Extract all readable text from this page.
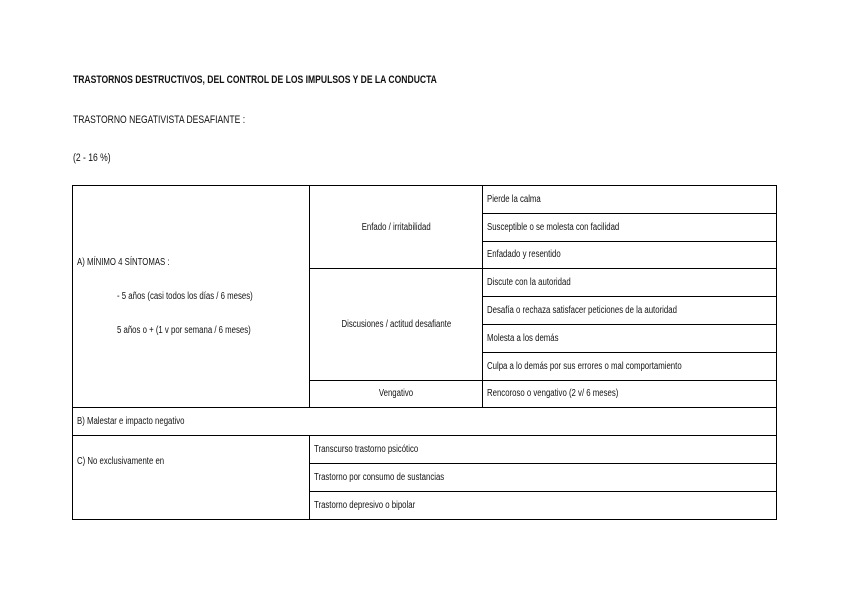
TRASTORNOS DESTRUCTIVOS, DEL CONTROL DE LOS IMPULSOS Y DE LA CONDUCTA
TRASTORNO NEGATIVISTA DESAFIANTE :
(2 - 16 %)
A) MÍNIMO 4 SÍNTOMAS :
- 5 años (casi todos los días / 6 meses)
5 años o + (1 v por semana / 6 meses)	Enfado / irritabilidad	Pierde la calma
		Susceptible o se molesta con facilidad
		Enfadado y resentido
	Discusiones / actitud desafiante	Discute con la autoridad
		Desafía o rechaza satisfacer peticiones de la autoridad
		Molesta a los demás
		Culpa a lo demás por sus errores o mal comportamiento
	Vengativo	Rencoroso o vengativo (2 v/ 6 meses)
B) Malestar e impacto negativo		
C) No exclusivamente en	Transcurso trastorno psicótico	
	Trastorno por consumo de sustancias	
	Trastorno depresivo o bipolar	
